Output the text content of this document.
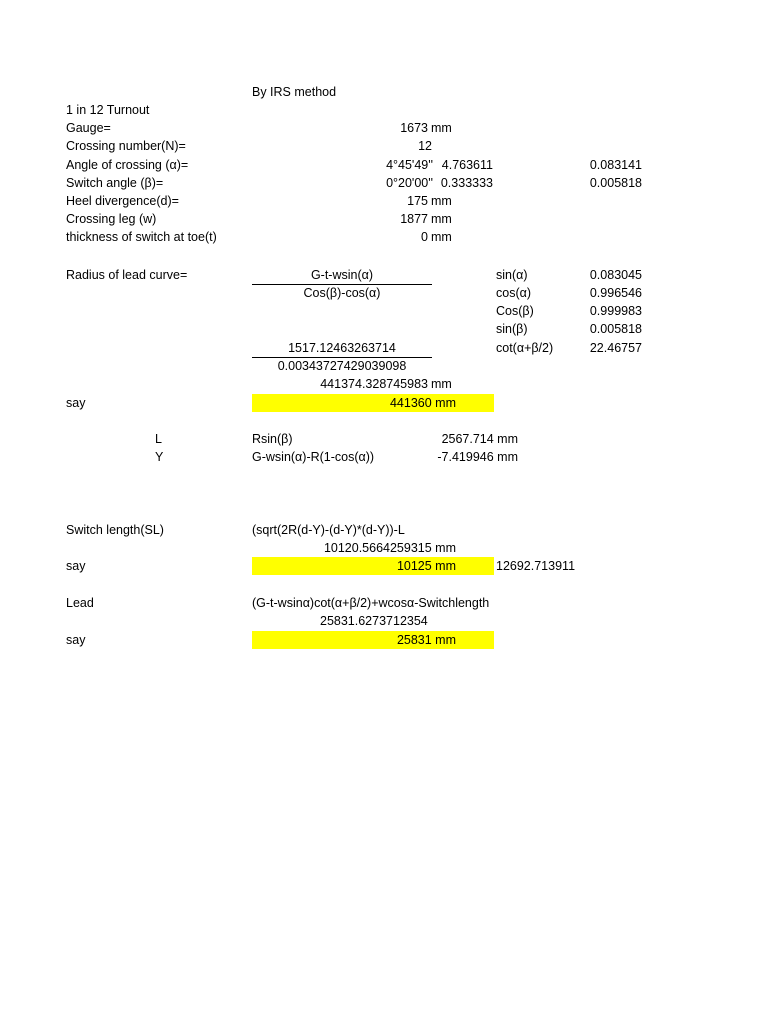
By IRS method
1 in 12 Turnout
Gauge=	1673 mm
Crossing number(N)=	12
Angle of crossing (α)=	4°45'49'' 4.763611	0.083141
Switch angle (β)=	0°20'00'' 0.333333	0.005818
Heel divergence(d)=	175 mm
Crossing leg (w)	1877 mm
thickness of switch at toe(t)	0 mm
Radius of lead curve=	G-t-wsin(α)
Cos(β)-cos(α)
1517.12463263714
0.00343727429039098
441374.328745983 mm
say	441360 mm
sin(α)	0.083045
cos(α)	0.996546
Cos(β)	0.999983
sin(β)	0.005818
cot(α+β/2)	22.46757
L	Rsin(β)	2567.714 mm
Y	G-wsin(α)-R(1-cos(α))	-7.419946 mm
Switch length(SL)	(sqrt(2R(d-Y)-(d-Y)*(d-Y))-L
10120.5664259315 mm
say	10125 mm	12692.713911
Lead	(G-t-wsinα)cot(α+β/2)+wcosα-Switchlength
25831.6273712354
say	25831 mm
